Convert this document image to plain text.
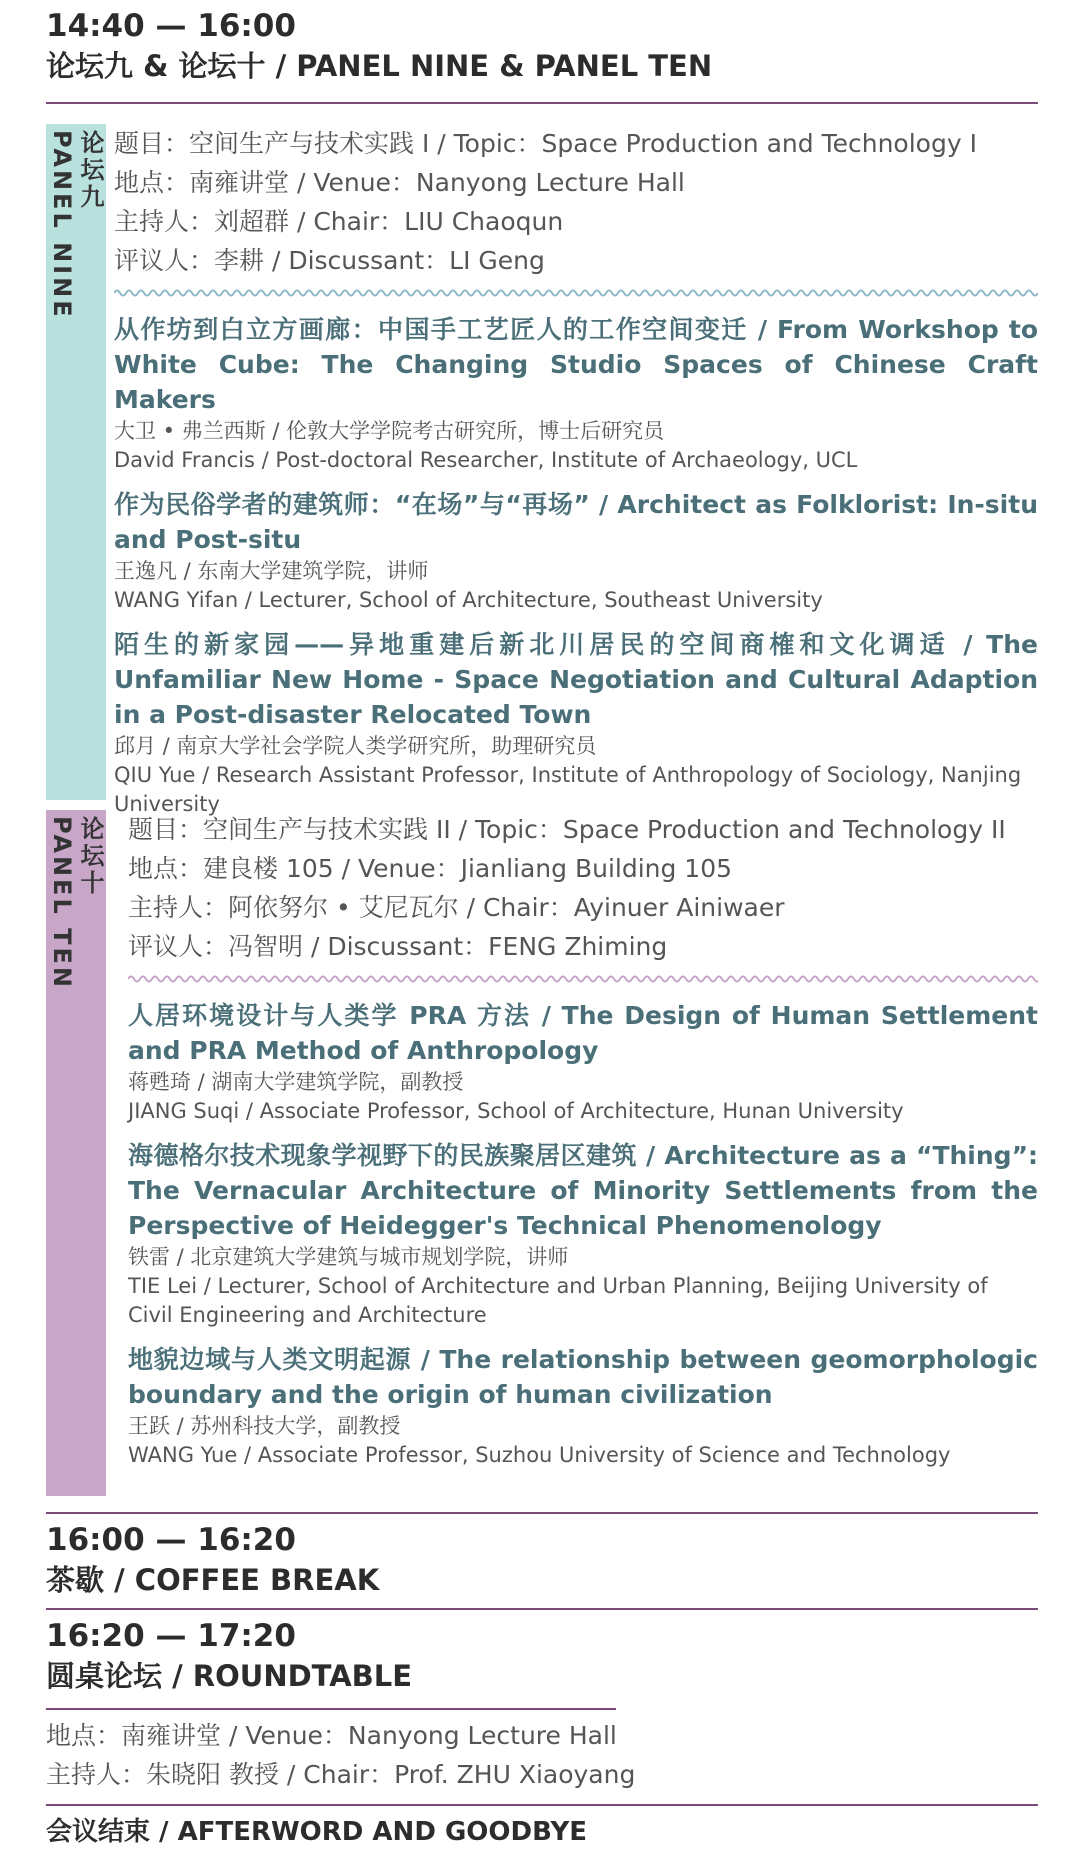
14:40 — 16:00
论坛九 & 论坛十 / PANEL NINE & PANEL TEN
论坛九
PANEL NINE	题目：空间生产与技术实践 Ⅰ / Topic：Space Production and Technology I
地点：南雍讲堂 / Venue：Nanyong Lecture Hall
主持人：刘超群 / Chair：LIU Chaoqun
评议人：李耕 / Discussant：LI Geng
从作坊到白立方画廊：中国手工艺匠人的工作空间变迁 / From Workshop to White Cube: The Changing Studio Spaces of Chinese Craft Makers
大卫 • 弗兰西斯 / 伦敦大学学院考古研究所，博士后研究员
David Francis / Post-doctoral Researcher, Institute of Archaeology, UCL
作为民俗学者的建筑师：“在场”与“再场” / Architect as Folklorist: In-situ and Post-situ
王逸凡 / 东南大学建筑学院，讲师
WANG Yifan / Lecturer, School of Architecture, Southeast University
陌生的新家园——异地重建后新北川居民的空间商榷和文化调适 / The Unfamiliar New Home - Space Negotiation and Cultural Adaption in a Post-disaster Relocated Town
邱月 / 南京大学社会学院人类学研究所，助理研究员
QIU Yue / Research Assistant Professor, Institute of Anthropology of Sociology, Nanjing University
论坛十
PANEL TEN	题目：空间生产与技术实践 II / Topic：Space Production and Technology II
地点：建良楼 105 / Venue：Jianliang Building 105
主持人：阿依努尔 • 艾尼瓦尔 / Chair：Ayinuer Ainiwaer
评议人：冯智明 / Discussant：FENG Zhiming
人居环境设计与人类学 PRA 方法 / The Design of Human Settlement and PRA Method of Anthropology
蒋甦琦 / 湖南大学建筑学院，副教授
JIANG Suqi / Associate Professor, School of Architecture, Hunan University
海德格尔技术现象学视野下的民族聚居区建筑 / Architecture as a “Thing”: The Vernacular Architecture of Minority Settlements from the Perspective of Heidegger's Technical Phenomenology
铁雷 / 北京建筑大学建筑与城市规划学院，讲师
TIE Lei / Lecturer, School of Architecture and Urban Planning, Beijing University of Civil Engineering and Architecture
地貌边域与人类文明起源 / The relationship between geomorphologic boundary and the origin of human civilization
王跃 / 苏州科技大学，副教授
WANG Yue / Associate Professor, Suzhou University of Science and Technology
16:00 — 16:20
茶歇 / COFFEE BREAK
16:20 — 17:20
圆桌论坛 / ROUNDTABLE
地点：南雍讲堂 / Venue：Nanyong Lecture Hall
主持人：朱晓阳 教授 / Chair：Prof. ZHU Xiaoyang
会议结束 / AFTERWORD AND GOODBYE
